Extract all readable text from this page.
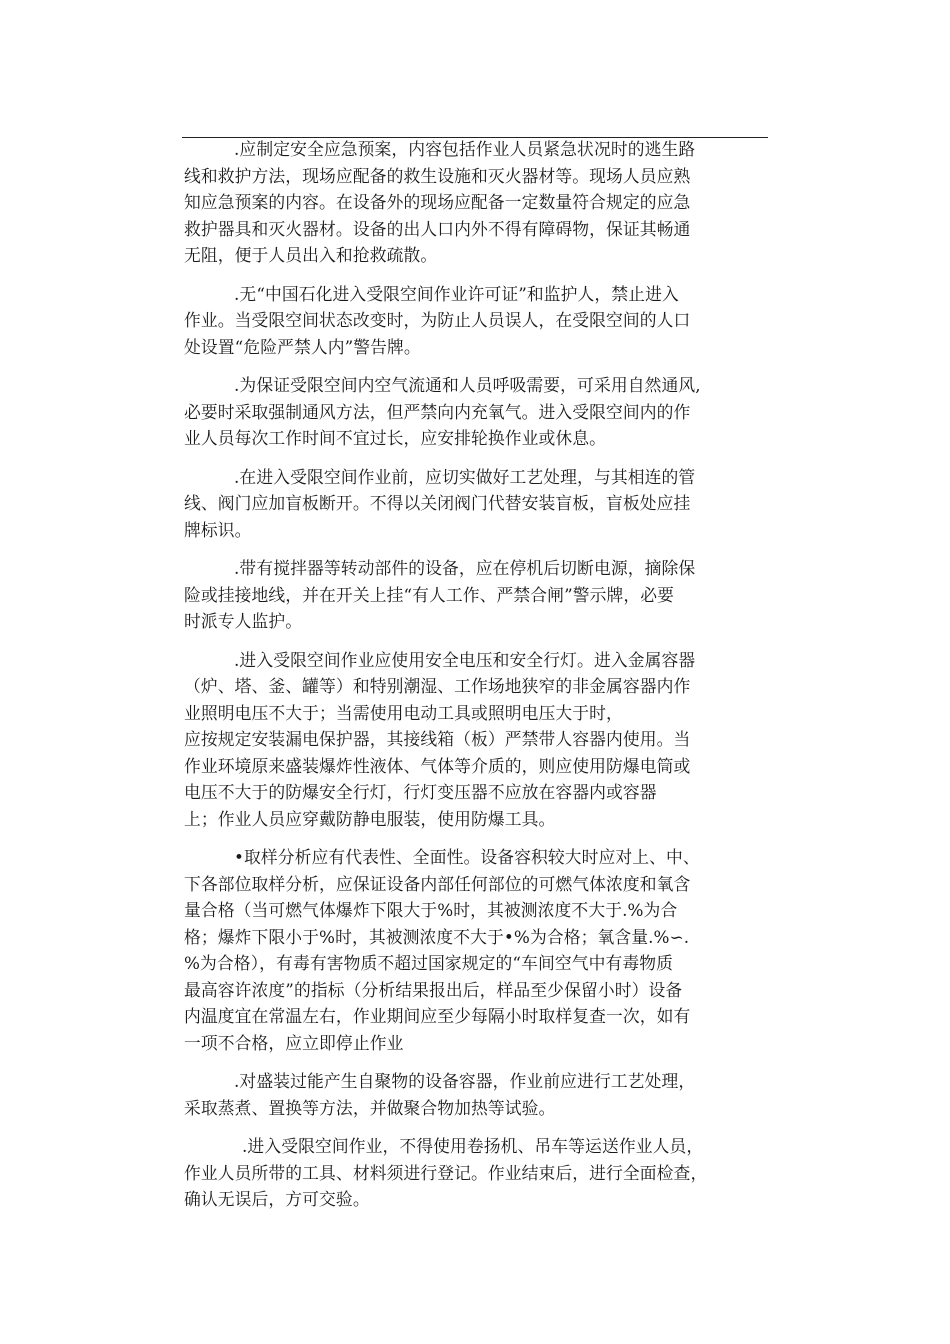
.应制定安全应急预案，内容包括作业人员紧急状况时的逃生路
线和救护方法，现场应配备的救生设施和灭火器材等。现场人员应熟
知应急预案的内容。在设备外的现场应配备一定数量符合规定的应急
救护器具和灭火器材。设备的出人口内外不得有障碍物，保证其畅通
无阻，便于人员出入和抢救疏散。
.无“中国石化进入受限空间作业许可证”和监护人，禁止进入
作业。当受限空间状态改变时，为防止人员误人，在受限空间的人口
处设置“危险严禁人内”警告牌。
.为保证受限空间内空气流通和人员呼吸需要，可采用自然通风,
必要时采取强制通风方法，但严禁向内充氧气。进入受限空间内的作
业人员每次工作时间不宜过长，应安排轮换作业或休息。
.在进入受限空间作业前，应切实做好工艺处理，与其相连的管
线、阀门应加盲板断开。不得以关闭阀门代替安装盲板，盲板处应挂
牌标识。
.带有搅拌器等转动部件的设备，应在停机后切断电源，摘除保
险或挂接地线，并在开关上挂“有人工作、严禁合闸”警示牌，必要
时派专人监护。
.进入受限空间作业应使用安全电压和安全行灯。进入金属容器
（炉、塔、釜、罐等）和特别潮湿、工作场地狭窄的非金属容器内作
业照明电压不大于；当需使用电动工具或照明电压大于时，
应按规定安装漏电保护器，其接线箱（板）严禁带人容器内使用。当
作业环境原来盛装爆炸性液体、气体等介质的，则应使用防爆电筒或
电压不大于的防爆安全行灯，行灯变压器不应放在容器内或容器
上；作业人员应穿戴防静电服装，使用防爆工具。
•取样分析应有代表性、全面性。设备容积较大时应对上、中、
下各部位取样分析，应保证设备内部任何部位的可燃气体浓度和氧含
量合格（当可燃气体爆炸下限大于%时，其被测浓度不大于.%为合
格；爆炸下限小于%时，其被测浓度不大于•%为合格；氧含量.%∽.
%为合格），有毒有害物质不超过国家规定的“车间空气中有毒物质
最高容许浓度”的指标（分析结果报出后，样品至少保留小时）设备
内温度宜在常温左右，作业期间应至少每隔小时取样复查一次，如有
一项不合格，应立即停止作业
.对盛装过能产生自聚物的设备容器，作业前应进行工艺处理，
采取蒸煮、置换等方法，并做聚合物加热等试验。
.进入受限空间作业，不得使用卷扬机、吊车等运送作业人员，
作业人员所带的工具、材料须进行登记。作业结束后，进行全面检查，
确认无误后，方可交验。
